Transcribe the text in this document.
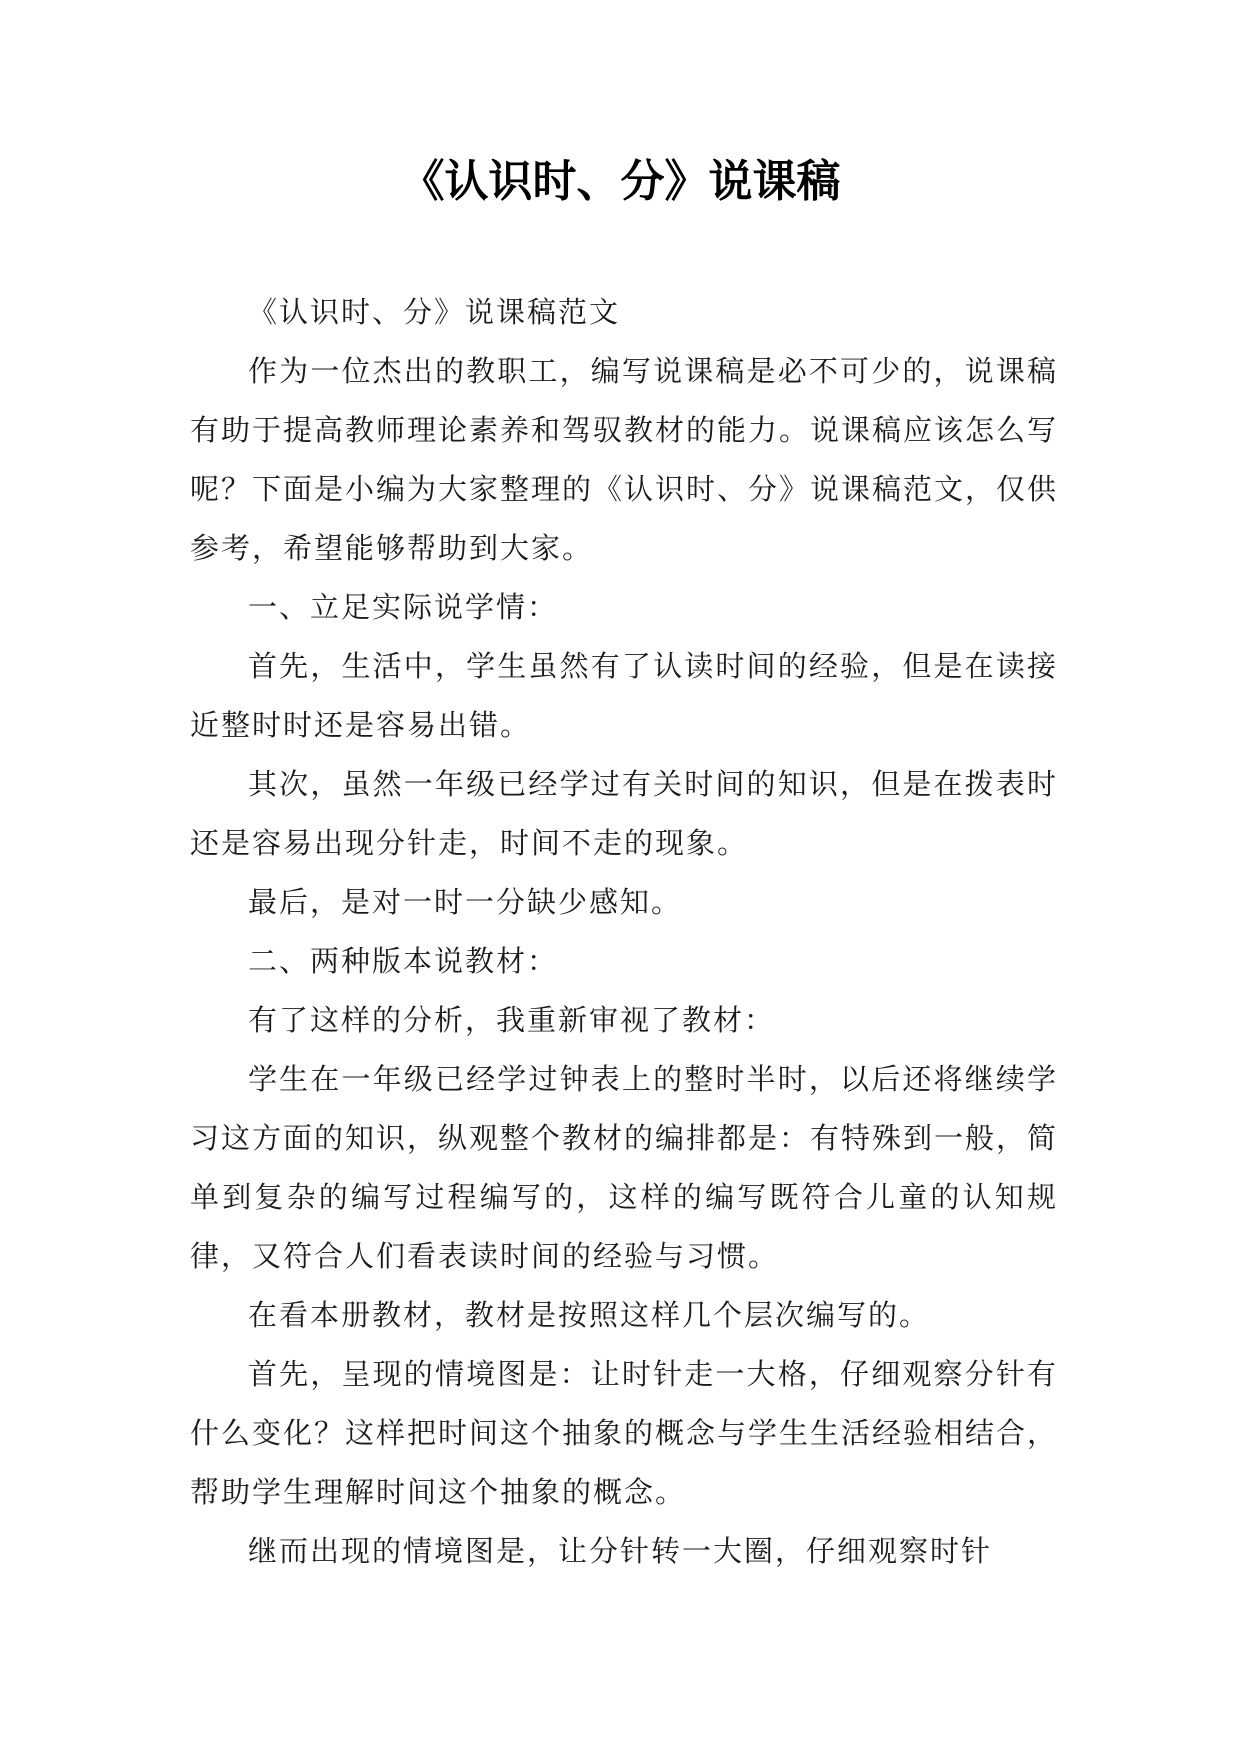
《认识时、分》说课稿

《认识时、分》说课稿范文

作为一位杰出的教职工，编写说课稿是必不可少的，说课稿有助于提高教师理论素养和驾驭教材的能力。说课稿应该怎么写呢？下面是小编为大家整理的《认识时、分》说课稿范文，仅供参考，希望能够帮助到大家。

一、立足实际说学情：

首先，生活中，学生虽然有了认读时间的经验，但是在读接近整时时还是容易出错。

其次，虽然一年级已经学过有关时间的知识，但是在拨表时还是容易出现分针走，时间不走的现象。

最后，是对一时一分缺少感知。

二、两种版本说教材：

有了这样的分析，我重新审视了教材：

学生在一年级已经学过钟表上的整时半时，以后还将继续学习这方面的知识，纵观整个教材的编排都是：有特殊到一般，简单到复杂的编写过程编写的，这样的编写既符合儿童的认知规律，又符合人们看表读时间的经验与习惯。

在看本册教材，教材是按照这样几个层次编写的。

首先，呈现的情境图是：让时针走一大格，仔细观察分针有什么变化？这样把时间这个抽象的概念与学生生活经验相结合，帮助学生理解时间这个抽象的概念。

继而出现的情境图是，让分针转一大圈，仔细观察时针
